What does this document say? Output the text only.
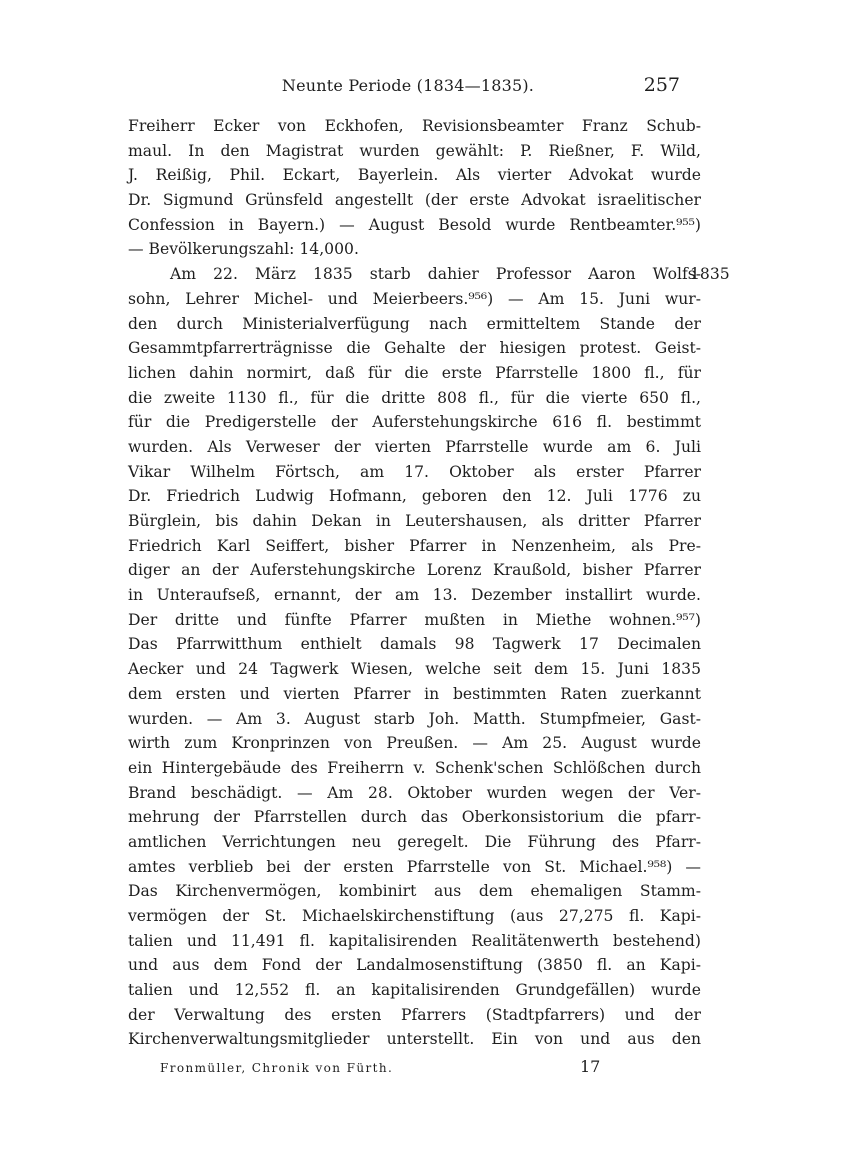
Neunte Periode (1834—1835).	257
Freiherr Ecker von Eckhofen, Revisionsbeamter Franz Schub-
maul. In den Magistrat wurden gewählt: P. Rießner, F. Wild,
J. Reißig, Phil. Eckart, Bayerlein. Als vierter Advokat wurde
Dr. Sigmund Grünsfeld angestellt (der erste Advokat israelitischer
Confession in Bayern.) — August Besold wurde Rentbeamter.⁹⁵⁵)
— Bevölkerungszahl: 14,000.
Am 22. März 1835 starb dahier Professor Aaron Wolfs-
sohn, Lehrer Michel- und Meierbeers.⁹⁵⁶) — Am 15. Juni wur-
den durch Ministerialverfügung nach ermitteltem Stande der
Gesammtpfarrerträgnisse die Gehalte der hiesigen protest. Geist-
lichen dahin normirt, daß für die erste Pfarrstelle 1800 fl., für
die zweite 1130 fl., für die dritte 808 fl., für die vierte 650 fl.,
für die Predigerstelle der Auferstehungskirche 616 fl. bestimmt
wurden. Als Verweser der vierten Pfarrstelle wurde am 6. Juli
Vikar Wilhelm Förtsch, am 17. Oktober als erster Pfarrer
Dr. Friedrich Ludwig Hofmann, geboren den 12. Juli 1776 zu
Bürglein, bis dahin Dekan in Leutershausen, als dritter Pfarrer
Friedrich Karl Seiffert, bisher Pfarrer in Nenzenheim, als Pre-
diger an der Auferstehungskirche Lorenz Kraußold, bisher Pfarrer
in Unteraufseß, ernannt, der am 13. Dezember installirt wurde.
Der dritte und fünfte Pfarrer mußten in Miethe wohnen.⁹⁵⁷)
Das Pfarrwitthum enthielt damals 98 Tagwerk 17 Decimalen
Aecker und 24 Tagwerk Wiesen, welche seit dem 15. Juni 1835
dem ersten und vierten Pfarrer in bestimmten Raten zuerkannt
wurden. — Am 3. August starb Joh. Matth. Stumpfmeier, Gast-
wirth zum Kronprinzen von Preußen. — Am 25. August wurde
ein Hintergebäude des Freiherrn v. Schenk'schen Schlößchen durch
Brand beschädigt. — Am 28. Oktober wurden wegen der Ver-
mehrung der Pfarrstellen durch das Oberkonsistorium die pfarr-
amtlichen Verrichtungen neu geregelt. Die Führung des Pfarr-
amtes verblieb bei der ersten Pfarrstelle von St. Michael.⁹⁵⁸) —
Das Kirchenvermögen, kombinirt aus dem ehemaligen Stamm-
vermögen der St. Michaelskirchenstiftung (aus 27,275 fl. Kapi-
talien und 11,491 fl. kapitalisirenden Realitätenwerth bestehend)
und aus dem Fond der Landalmosenstiftung (3850 fl. an Kapi-
talien und 12,552 fl. an kapitalisirenden Grundgefällen) wurde
der Verwaltung des ersten Pfarrers (Stadtpfarrers) und der
Kirchenverwaltungsmitglieder unterstellt. Ein von und aus den
1835
Fronmüller, Chronik von Fürth.	17
